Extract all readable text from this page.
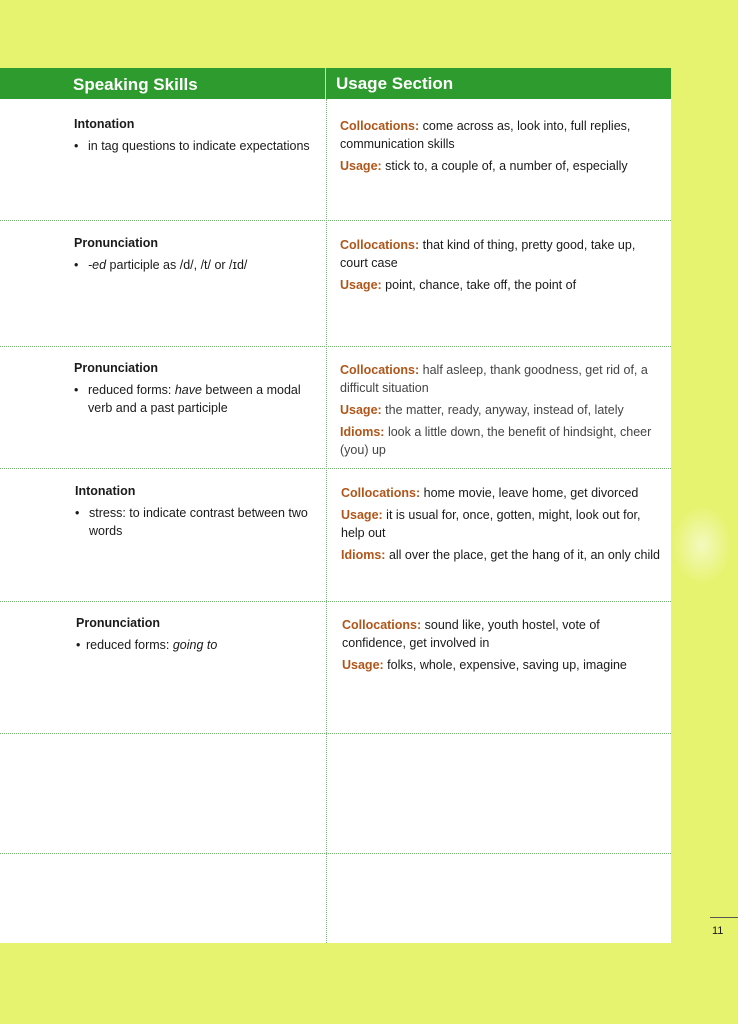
Speaking Skills	Usage Section
Intonation
• in tag questions to indicate expectations
Collocations: come across as, look into, full replies, communication skills
Usage: stick to, a couple of, a number of, especially
Pronunciation
• -ed participle as /d/, /t/ or /ɪd/
Collocations: that kind of thing, pretty good, take up, court case
Usage: point, chance, take off, the point of
Pronunciation
• reduced forms: have between a modal verb and a past participle
Collocations: half asleep, thank goodness, get rid of, a difficult situation
Usage: the matter, ready, anyway, instead of, lately
Idioms: look a little down, the benefit of hindsight, cheer (you) up
Intonation
• stress: to indicate contrast between two words
Collocations: home movie, leave home, get divorced
Usage: it is usual for, once, gotten, might, look out for, help out
Idioms: all over the place, get the hang of it, an only child
Pronunciation
• reduced forms: going to
Collocations: sound like, youth hostel, vote of confidence, get involved in
Usage: folks, whole, expensive, saving up, imagine
11
